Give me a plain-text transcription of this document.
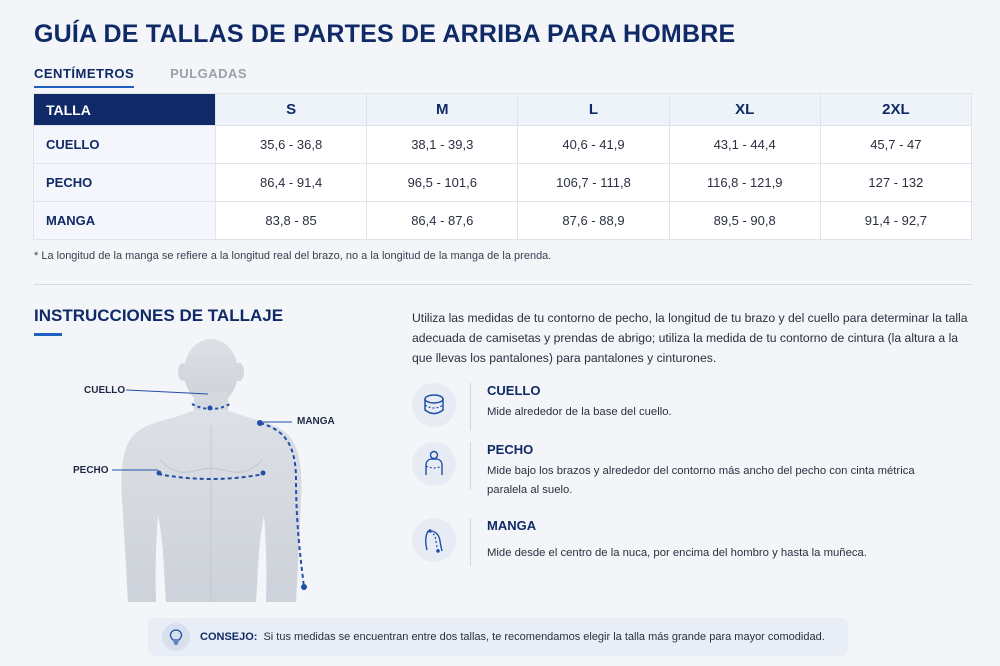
GUÍA DE TALLAS DE PARTES DE ARRIBA PARA HOMBRE
CENTÍMETROS	PULGADAS
TALLA	S	M	L	XL	2XL
CUELLO	35,6 - 36,8	38,1 - 39,3	40,6 - 41,9	43,1 - 44,4	45,7 - 47
PECHO	86,4 - 91,4	96,5 - 101,6	106,7 - 111,8	116,8 - 121,9	127 - 132
MANGA	83,8 - 85	86,4 - 87,6	87,6 - 88,9	89,5 - 90,8	91,4 - 92,7
* La longitud de la manga se refiere a la longitud real del brazo, no a la longitud de la manga de la prenda.
INSTRUCCIONES DE TALLAJE
CUELLO
MANGA
PECHO
Utiliza las medidas de tu contorno de pecho, la longitud de tu brazo y del cuello para determinar la talla adecuada de camisetas y prendas de abrigo; utiliza la medida de tu contorno de cintura (la altura a la que llevas los pantalones) para pantalones y cinturones.
CUELLO
Mide alrededor de la base del cuello.
PECHO
Mide bajo los brazos y alrededor del contorno más ancho del pecho con cinta métrica paralela al suelo.
MANGA
Mide desde el centro de la nuca, por encima del hombro y hasta la muñeca.
CONSEJO: Si tus medidas se encuentran entre dos tallas, te recomendamos elegir la talla más grande para mayor comodidad.
